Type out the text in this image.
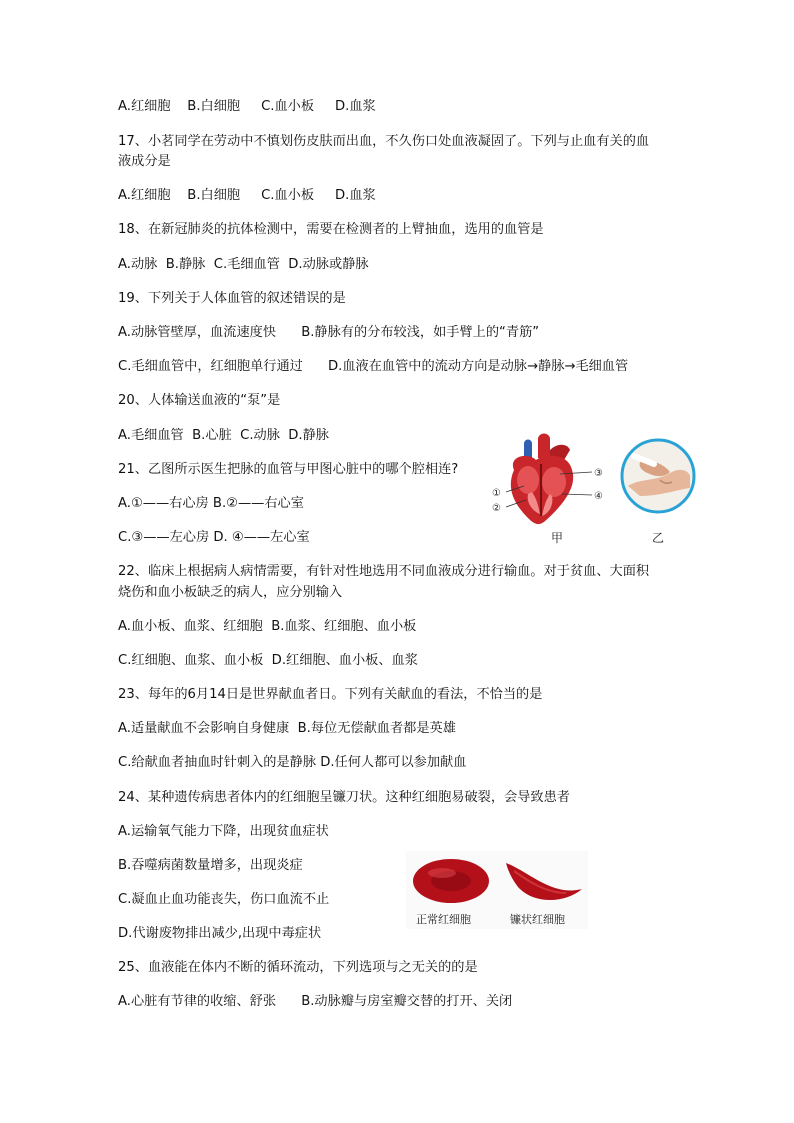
A.红细胞    B.白细胞     C.血小板     D.血浆
17、小茗同学在劳动中不慎划伤皮肤而出血，不久伤口处血液凝固了。下列与止血有关的血
液成分是
A.红细胞    B.白细胞     C.血小板     D.血浆
18、在新冠肺炎的抗体检测中，需要在检测者的上臂抽血，选用的血管是
A.动脉  B.静脉  C.毛细血管  D.动脉或静脉
19、下列关于人体血管的叙述错误的是
A.动脉管壁厚，血流速度快      B.静脉有的分布较浅，如手臂上的“青筋”
C.毛细血管中，红细胞单行通过      D.血液在血管中的流动方向是动脉→静脉→毛细血管
20、人体输送血液的“泵”是
A.毛细血管  B.心脏  C.动脉  D.静脉
21、乙图所示医生把脉的血管与甲图心脏中的哪个腔相连?
A.①——右心房 B.②——右心室
C.③——左心房 D. ④——左心室
22、临床上根据病人病情需要，有针对性地选用不同血液成分进行输血。对于贫血、大面积
烧伤和血小板缺乏的病人，应分别输入
A.血小板、血浆、红细胞  B.血浆、红细胞、血小板
C.红细胞、血浆、血小板  D.红细胞、血小板、血浆
23、每年的6月14日是世界献血者日。下列有关献血的看法，不恰当的是
A.适量献血不会影响自身健康  B.每位无偿献血者都是英雄
C.给献血者抽血时针刺入的是静脉 D.任何人都可以参加献血
24、某种遗传病患者体内的红细胞呈镰刀状。这种红细胞易破裂，会导致患者
A.运输氧气能力下降，出现贫血症状
B.吞噬病菌数量增多，出现炎症
C.凝血止血功能丧失，伤口血流不止
D.代谢废物排出减少,出现中毒症状
25、血液能在体内不断的循环流动，下列选项与之无关的的是
A.心脏有节律的收缩、舒张      B.动脉瓣与房室瓣交替的打开、关闭
①
②
③
④
甲	乙
正常红细胞	镰状红细胞
